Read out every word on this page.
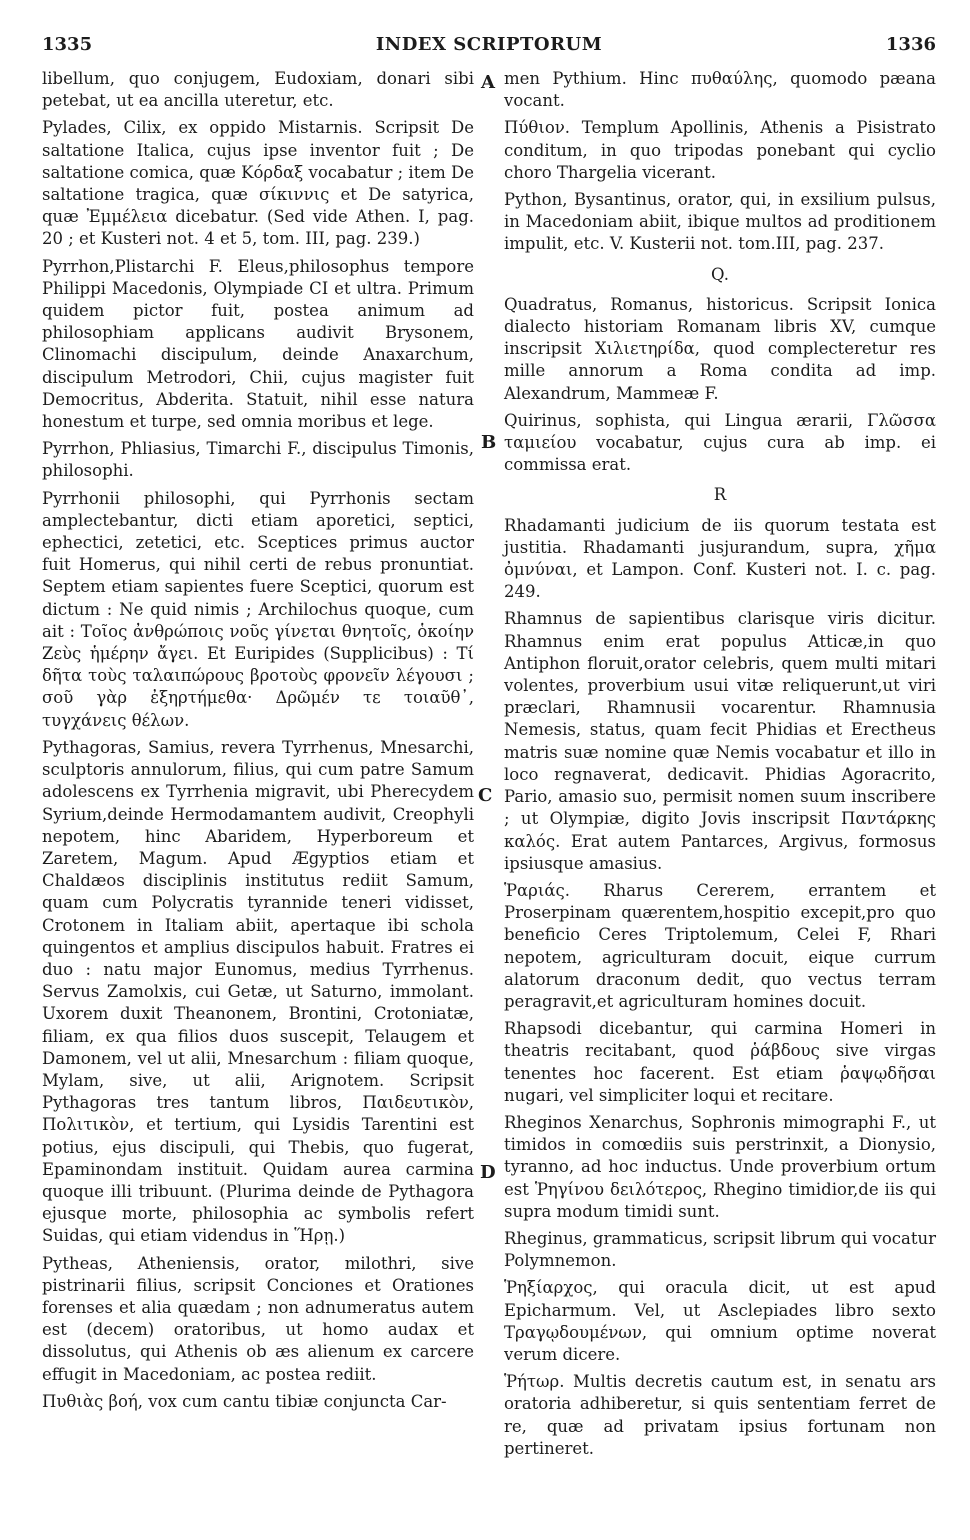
1335	INDEX SCRIPTORUM	1336
A
B
C
D

libellum, quo conjugem, Eudoxiam, donari sibi petebat, ut ea ancilla uteretur, etc.

Pylades, Cilix, ex oppido Mistarnis. Scripsit De saltatione Italica, cujus ipse inventor fuit ; De saltatione comica, quæ Κόρδαξ vocabatur ; item De saltatione tragica, quæ σίκιννις et De satyrica, quæ Ἐμμέλεια dicebatur. (Sed vide Athen. I, pag. 20 ; et Kusteri not. 4 et 5, tom. III, pag. 239.)

Pyrrhon,Plistarchi F. Eleus,philosophus tempore Philippi Macedonis, Olympiade CI et ultra. Primum quidem pictor fuit, postea animum ad philosophiam applicans audivit Brysonem, Clinomachi discipulum, deinde Anaxarchum, discipulum Metrodori, Chii, cujus magister fuit Democritus, Abderita. Statuit, nihil esse natura honestum et turpe, sed omnia moribus et lege.

Pyrrhon, Phliasius, Timarchi F., discipulus Timonis, philosophi.

Pyrrhonii philosophi, qui Pyrrhonis sectam amplectebantur, dicti etiam aporetici, septici, ephectici, zetetici, etc. Sceptices primus auctor fuit Homerus, qui nihil certi de rebus pronuntiat. Septem etiam sapientes fuere Sceptici, quorum est dictum : Ne quid nimis ; Archilochus quoque, cum ait : Τοῖος ἀνθρώποις νοῦς γίνεται θνητοῖς, ὁκοίην Ζεὺς ἡμέρην ἄγει. Et Euripides (Supplicibus) : Τί δῆτα τοὺς ταλαιπώρους βροτοὺς φρονεῖν λέγουσι ; σοῦ γὰρ ἐξηρτήμεθα· Δρῶμέν τε τοιαῦθ᾽, τυγχάνεις θέλων.

Pythagoras, Samius, revera Tyrrhenus, Mnesarchi, sculptoris annulorum, filius, qui cum patre Samum adolescens ex Tyrrhenia migravit, ubi Pherecydem Syrium,deinde Hermodamantem audivit, Creophyli nepotem, hinc Abaridem, Hyperboreum et Zaretem, Magum. Apud Ægyptios etiam et Chaldæos disciplinis institutus rediit Samum, quam cum Polycratis tyrannide teneri vidisset, Crotonem in Italiam abiit, apertaque ibi schola quingentos et amplius discipulos habuit. Fratres ei duo : natu major Eunomus, medius Tyrrhenus. Servus Zamolxis, cui Getæ, ut Saturno, immolant. Uxorem duxit Theanonem, Brontini, Crotoniatæ, filiam, ex qua filios duos suscepit, Telaugem et Damonem, vel ut alii, Mnesarchum : filiam quoque, Mylam, sive, ut alii, Arignotem. Scripsit Pythagoras tres tantum libros, Παιδευτικὸν, Πολιτικὸν, et tertium, qui Lysidis Tarentini est potius, ejus discipuli, qui Thebis, quo fugerat, Epaminondam instituit. Quidam aurea carmina quoque illi tribuunt. (Plurima deinde de Pythagora ejusque morte, philosophia ac symbolis refert Suidas, qui etiam videndus in Ἥρῃ.)

Pytheas, Atheniensis, orator, milothri, sive pistrinarii filius, scripsit Conciones et Orationes forenses et alia quædam ; non adnumeratus autem est (decem) oratoribus, ut homo audax et dissolutus, qui Athenis ob æs alienum ex carcere effugit in Macedoniam, ac postea rediit.

Πυθιὰς βοή, vox cum cantu tibiæ conjuncta Car-

men Pythium. Hinc πυθαύλης, quomodo pæana vocant.

Πύθιον. Templum Apollinis, Athenis a Pisistrato conditum, in quo tripodas ponebant qui cyclio choro Thargelia vicerant.

Python, Bysantinus, orator, qui, in exsilium pulsus, in Macedoniam abiit, ibique multos ad proditionem impulit, etc. V. Kusterii not. tom.III, pag. 237.

Q.

Quadratus, Romanus, historicus. Scripsit Ionica dialecto historiam Romanam libris XV, cumque inscripsit Χιλιετηρίδα, quod complecteretur res mille annorum a Roma condita ad imp. Alexandrum, Mammeæ F.

Quirinus, sophista, qui Lingua ærarii, Γλῶσσα ταμιείου vocabatur, cujus cura ab imp. ei commissa erat.

R

Rhadamanti judicium de iis quorum testata est justitia. Rhadamanti jusjurandum, supra, χῆμα ὀμνύναι, et Lampon. Conf. Kusteri not. I. c. pag. 249.

Rhamnus de sapientibus clarisque viris dicitur. Rhamnus enim erat populus Atticæ,in quo Antiphon floruit,orator celebris, quem multi mitari volentes, proverbium usui vitæ reliquerunt,ut viri præclari, Rhamnusii vocarentur. Rhamnusia Nemesis, status, quam fecit Phidias et Erectheus matris suæ nomine quæ Nemis vocabatur et illo in loco regnaverat, dedicavit. Phidias Agoracrito, Pario, amasio suo, permisit nomen suum inscribere ; ut Olympiæ, digito Jovis inscripsit Παντάρκης καλός. Erat autem Pantarces, Argivus, formosus ipsiusque amasius.

Ῥαριάς. Rharus Cererem, errantem et Proserpinam quærentem,hospitio excepit,pro quo beneficio Ceres Triptolemum, Celei F, Rhari nepotem, agriculturam docuit, eique currum alatorum draconum dedit, quo vectus terram peragravit,et agriculturam homines docuit.

Rhapsodi dicebantur, qui carmina Homeri in theatris recitabant, quod ῥάβδους sive virgas tenentes hoc facerent. Est etiam ῥαψῳδῆσαι nugari, vel simpliciter loqui et recitare.

Rheginos Xenarchus, Sophronis mimographi F., ut timidos in comœdiis suis perstrinxit, a Dionysio, tyranno, ad hoc inductus. Unde proverbium ortum est Ῥηγίνου δειλότερος, Rhegino timidior,de iis qui supra modum timidi sunt.

Rheginus, grammaticus, scripsit librum qui vocatur Polymnemon.

Ῥηξίαρχος, qui oracula dicit, ut est apud Epicharmum. Vel, ut Asclepiades libro sexto Τραγῳδουμένων, qui omnium optime noverat verum dicere.

Ῥήτωρ. Multis decretis cautum est, in senatu ars oratoria adhiberetur, si quis sententiam ferret de re, quæ ad privatam ipsius fortunam non pertineret.
